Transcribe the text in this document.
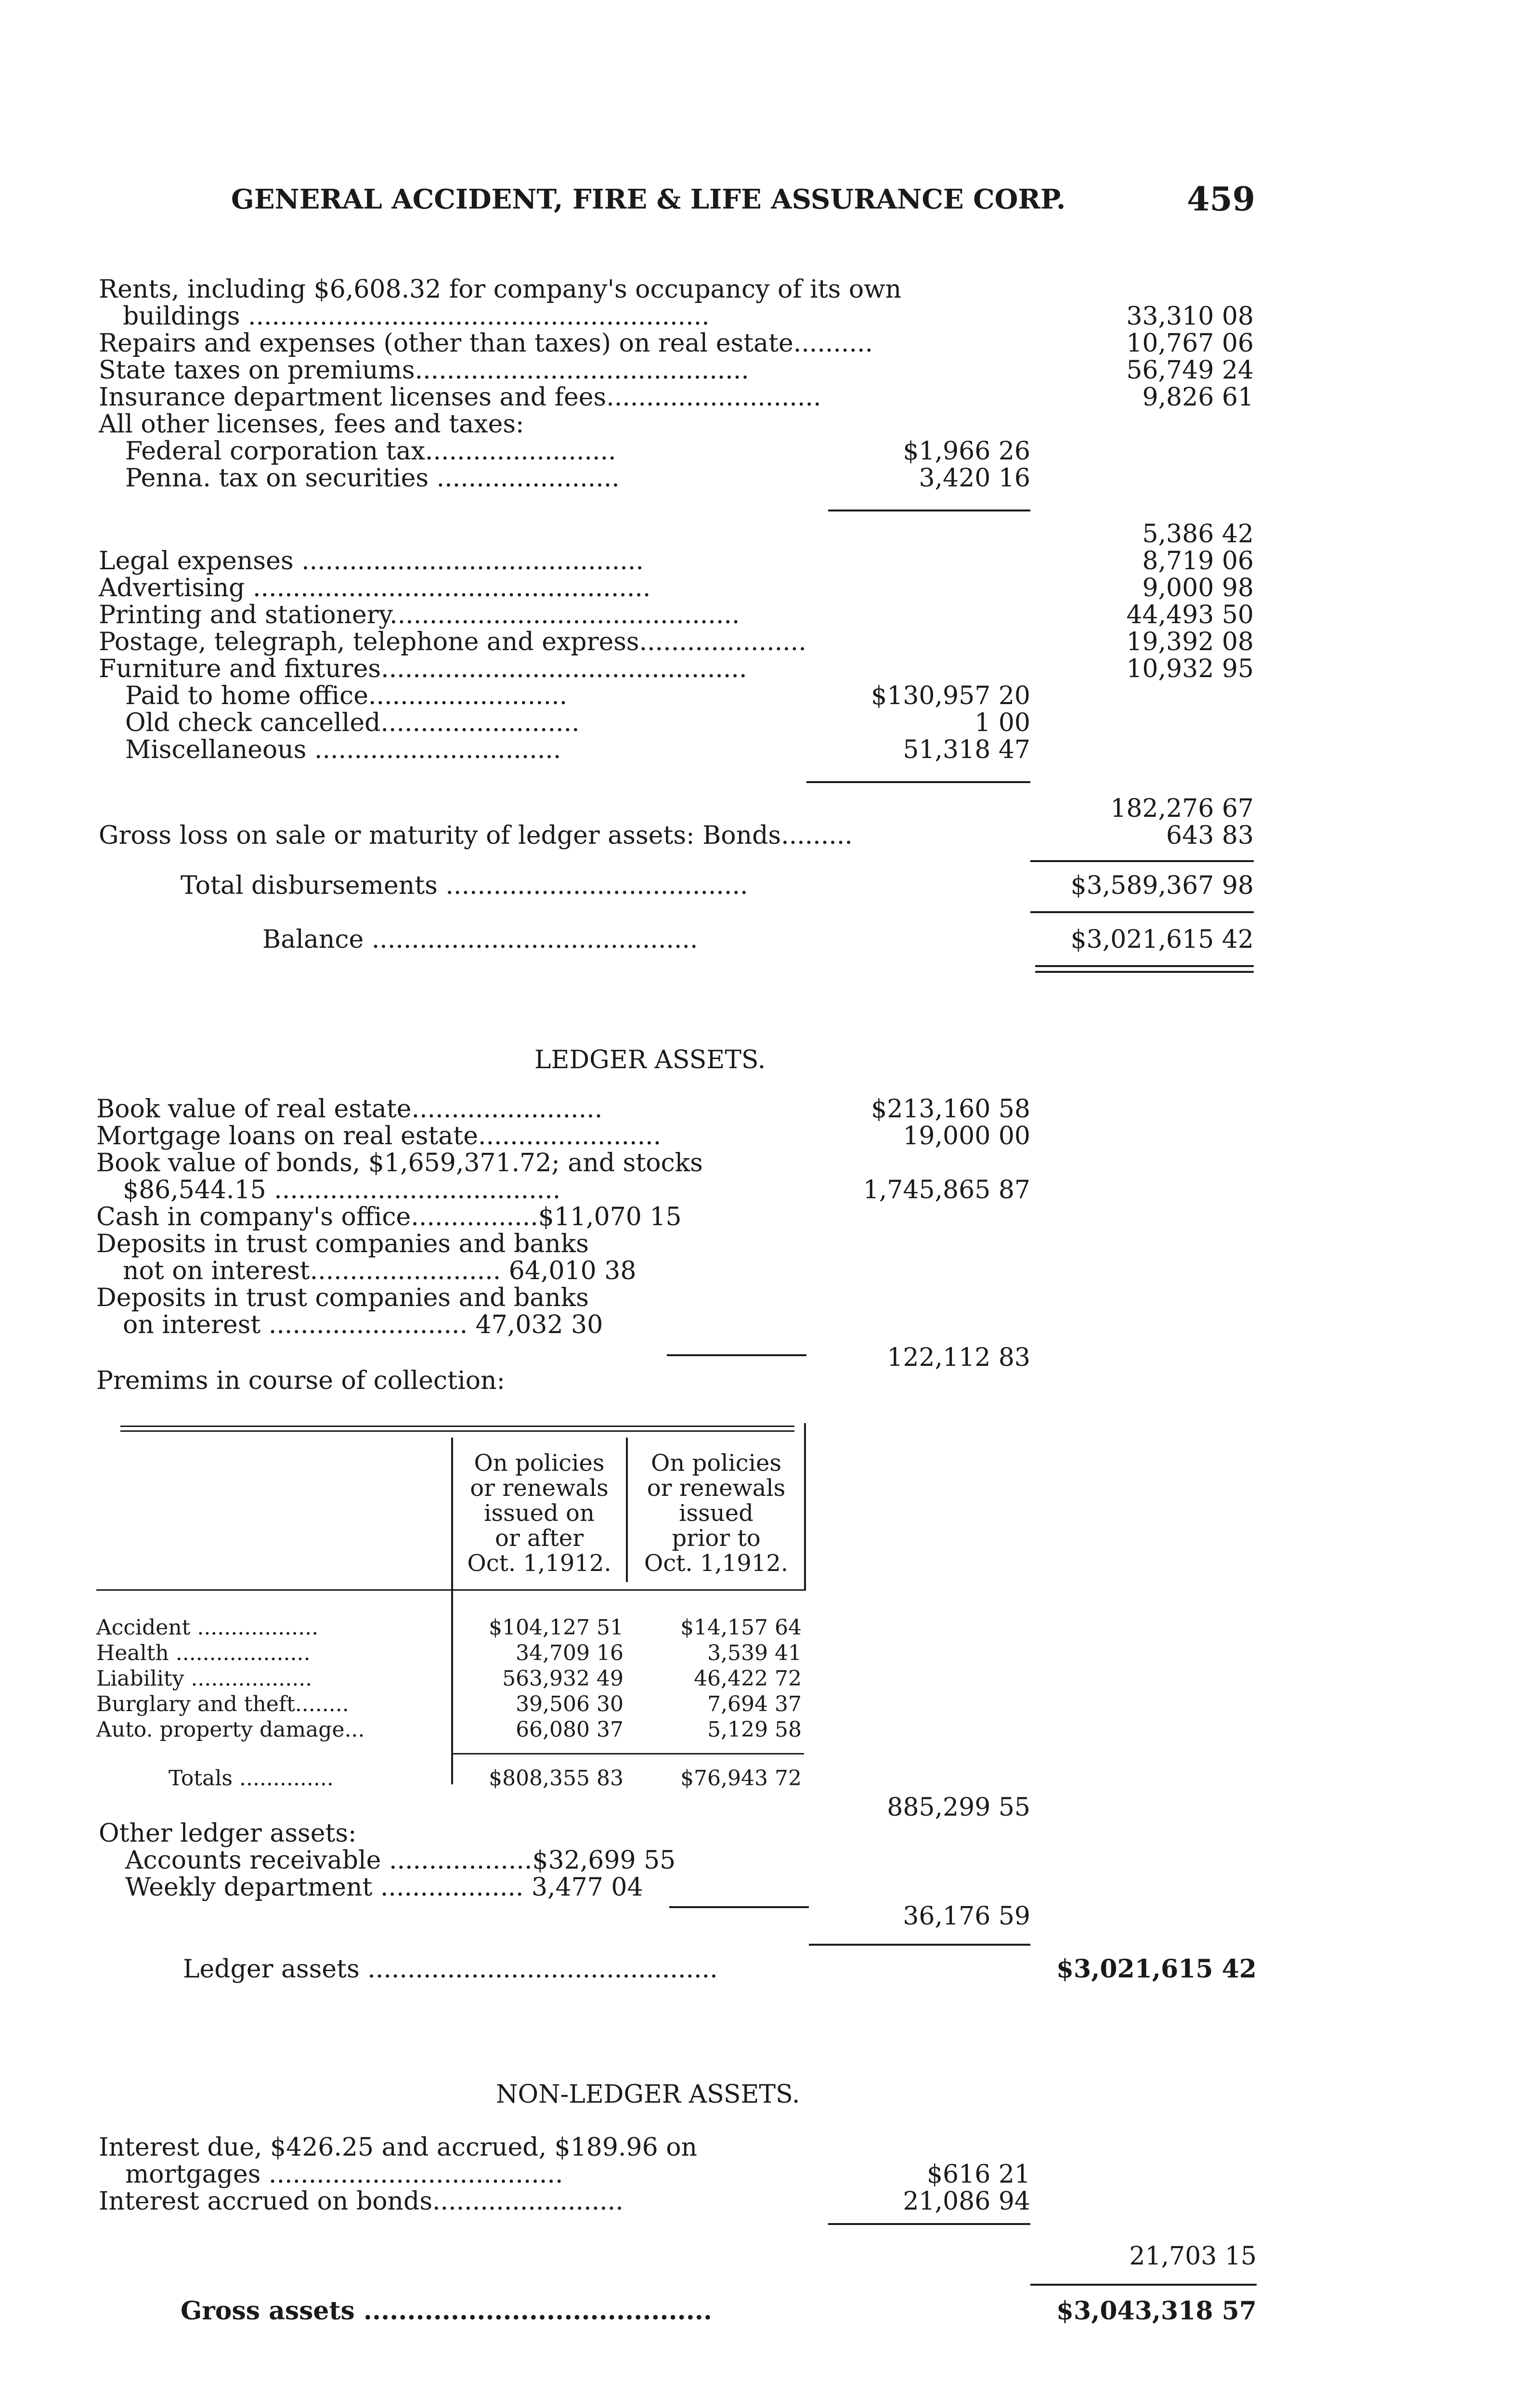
GENERAL ACCIDENT, FIRE & LIFE ASSURANCE CORP.	459
Rents, including $6,608.32 for company's occupancy of its own
buildings ..........................................................	33,310 08
Repairs and expenses (other than taxes) on real estate..........	10,767 06
State taxes on premiums..........................................	56,749 24
Insurance department licenses and fees...........................	9,826 61
All other licenses, fees and taxes:
Federal corporation tax........................	$1,966 26
Penna. tax on securities .......................	3,420 16
5,386 42
Legal expenses ...........................................	8,719 06
Advertising ..................................................	9,000 98
Printing and stationery............................................	44,493 50
Postage, telegraph, telephone and express.....................	19,392 08
Furniture and fixtures..............................................	10,932 95
Paid to home office.........................	$130,957 20
Old check cancelled.........................	1 00
Miscellaneous ...............................	51,318 47
182,276 67
Gross loss on sale or maturity of ledger assets: Bonds.........	643 83
Total disbursements ......................................	$3,589,367 98
Balance .........................................	$3,021,615 42
LEDGER ASSETS.
Book value of real estate........................	$213,160 58
Mortgage loans on real estate.......................	19,000 00
Book value of bonds, $1,659,371.72; and stocks
$86,544.15 ....................................	1,745,865 87
Cash in company's office................$11,070 15
Deposits in trust companies and banks
not on interest........................ 64,010 38
Deposits in trust companies and banks
on interest ......................... 47,032 30
122,112 83
Premims in course of collection:
On policies
or renewals
issued on
or after
Oct. 1,1912.
On policies
or renewals
issued
prior to
Oct. 1,1912.
Accident ..................	$104,127 51	$14,157 64
Health ....................	34,709 16	3,539 41
Liability ..................	563,932 49	46,422 72
Burglary and theft........	39,506 30	7,694 37
Auto. property damage...	66,080 37	5,129 58
Totals ..............	$808,355 83	$76,943 72
885,299 55
Other ledger assets:
Accounts receivable ..................$32,699 55
Weekly department .................. 3,477 04
36,176 59
Ledger assets ............................................	$3,021,615 42
NON-LEDGER ASSETS.
Interest due, $426.25 and accrued, $189.96 on
mortgages .....................................	$616 21
Interest accrued on bonds........................	21,086 94
21,703 15
Gross assets ........................................	$3,043,318 57
